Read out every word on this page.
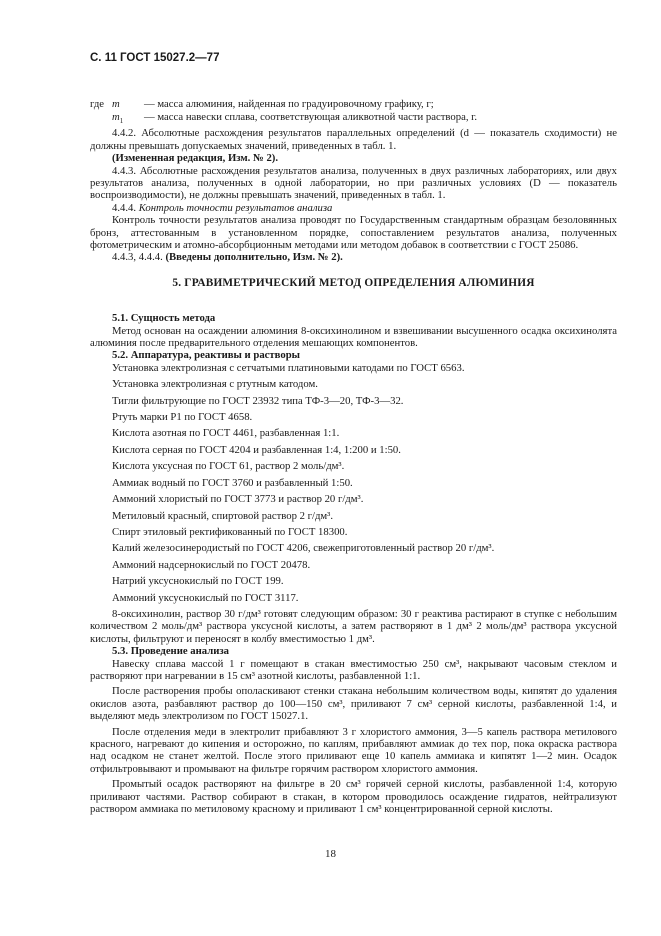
С. 11 ГОСТ 15027.2—77
где m	— масса алюминия, найденная по градуировочному графику, г;
$m_1$	— масса навески сплава, соответствующая аликвотной части раствора, г.

4.4.2. Абсолютные расхождения результатов параллельных определений (d — показатель сходимости) не должны превышать допускаемых значений, приведенных в табл. 1.

(Измененная редакция, Изм. № 2).

4.4.3. Абсолютные расхождения результатов анализа, полученных в двух различных лабораториях, или двух результатов анализа, полученных в одной лаборатории, но при различных условиях (D — показатель воспроизводимости), не должны превышать значений, приведенных в табл. 1.

4.4.4. Контроль точности результатов анализа

Контроль точности результатов анализа проводят по Государственным стандартным образцам безоловянных бронз, аттестованным в установленном порядке, сопоставлением результатов анализа, полученных фотометрическим и атомно-абсорбционным методами или методом добавок в соответствии с ГОСТ 25086.

4.4.3, 4.4.4. (Введены дополнительно, Изм. № 2).

5. ГРАВИМЕТРИЧЕСКИЙ МЕТОД ОПРЕДЕЛЕНИЯ АЛЮМИНИЯ

5.1. Сущность метода

Метод основан на осаждении алюминия 8-оксихинолином и взвешивании высушенного осадка оксихинолята алюминия после предварительного отделения мешающих компонентов.

5.2. Аппаратура, реактивы и растворы

Установка электролизная с сетчатыми платиновыми катодами по ГОСТ 6563.

Установка электролизная с ртутным катодом.

Тигли фильтрующие по ГОСТ 23932 типа ТФ-3—20, ТФ-3—32.

Ртуть марки Р1 по ГОСТ 4658.

Кислота азотная по ГОСТ 4461, разбавленная 1:1.

Кислота серная по ГОСТ 4204 и разбавленная 1:4, 1:200 и 1:50.

Кислота уксусная по ГОСТ 61, раствор 2 моль/дм³.

Аммиак водный по ГОСТ 3760 и разбавленный 1:50.

Аммоний хлористый по ГОСТ 3773 и раствор 20 г/дм³.

Метиловый красный, спиртовой раствор 2 г/дм³.

Спирт этиловый ректификованный по ГОСТ 18300.

Калий железосинеродистый по ГОСТ 4206, свежеприготовленный раствор 20 г/дм³.

Аммоний надсернокислый по ГОСТ 20478.

Натрий уксуснокислый по ГОСТ 199.

Аммоний уксуснокислый по ГОСТ 3117.

8-оксихинолин, раствор 30 г/дм³ готовят следующим образом: 30 г реактива растирают в ступке с небольшим количеством 2 моль/дм³ раствора уксусной кислоты, а затем растворяют в 1 дм³ 2 моль/дм³ раствора уксусной кислоты, фильтруют и переносят в колбу вместимостью 1 дм³.

5.3. Проведение анализа

Навеску сплава массой 1 г помещают в стакан вместимостью 250 см³, накрывают часовым стеклом и растворяют при нагревании в 15 см³ азотной кислоты, разбавленной 1:1.

После растворения пробы ополаскивают стенки стакана небольшим количеством воды, кипятят до удаления окислов азота, разбавляют раствор до 100—150 см³, приливают 7 см³ серной кислоты, разбавленной 1:4, и выделяют медь электролизом по ГОСТ 15027.1.

После отделения меди в электролит прибавляют 3 г хлористого аммония, 3—5 капель раствора метилового красного, нагревают до кипения и осторожно, по каплям, прибавляют аммиак до тех пор, пока окраска раствора над осадком не станет желтой. После этого приливают еще 10 капель аммиака и кипятят 1—2 мин. Осадок отфильтровывают и промывают на фильтре горячим раствором хлористого аммония.

Промытый осадок растворяют на фильтре в 20 см³ горячей серной кислоты, разбавленной 1:4, которую приливают частями. Раствор собирают в стакан, в котором проводилось осаждение гидратов, нейтрализуют раствором аммиака по метиловому красному и приливают 1 см³ концентрированной серной кислоты.

18
